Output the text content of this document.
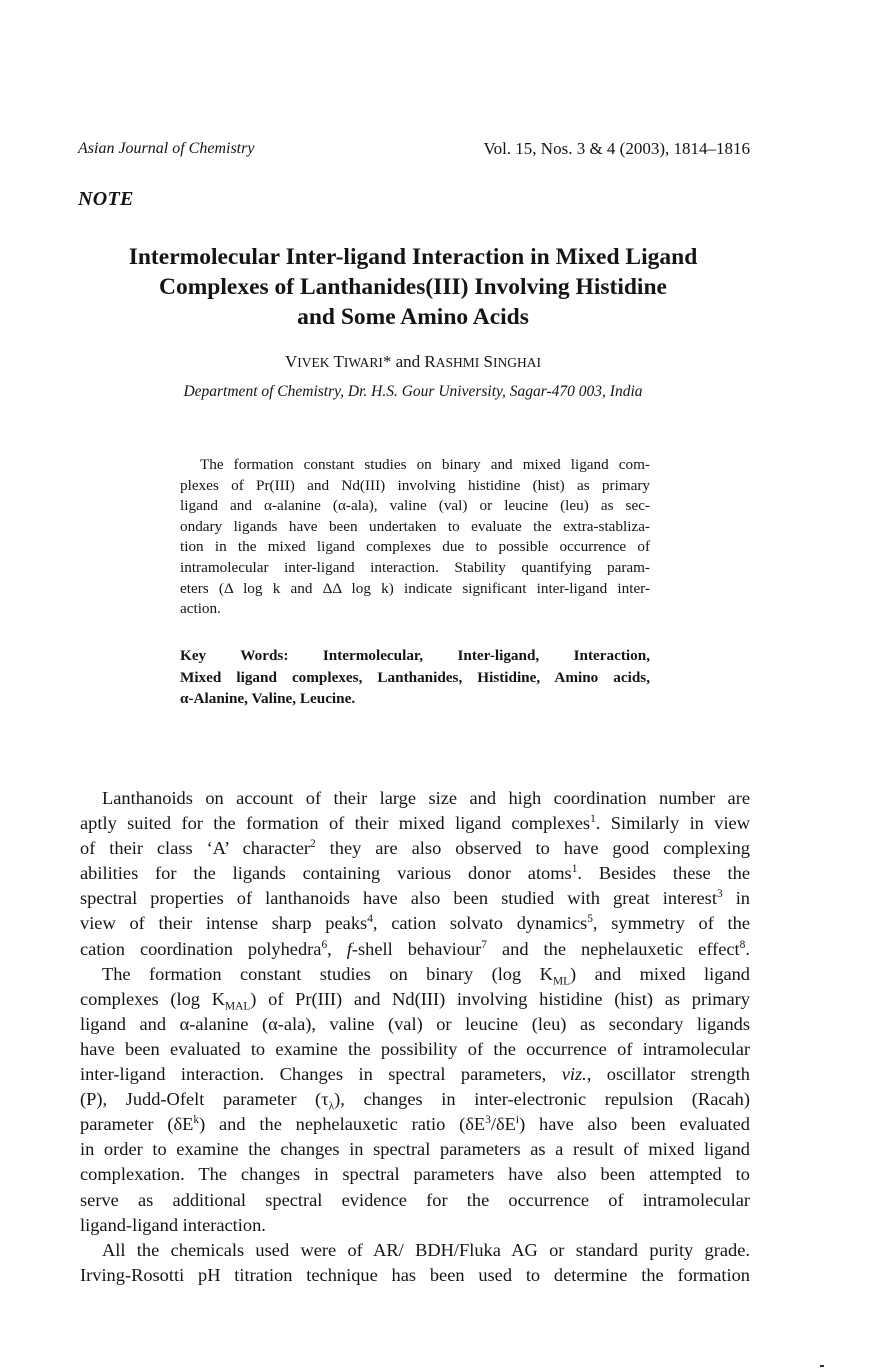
Asian Journal of Chemistry	Vol. 15, Nos. 3 & 4 (2003), 1814–1816
NOTE
Intermolecular Inter-ligand Interaction in Mixed Ligand
Complexes of Lanthanides(III) Involving Histidine
and Some Amino Acids
VIVEK TIWARI* and RASHMI SINGHAI
Department of Chemistry, Dr. H.S. Gour University, Sagar-470 003, India
The formation constant studies on binary and mixed ligand com-
plexes of Pr(III) and Nd(III) involving histidine (hist) as primary
ligand and α-alanine (α-ala), valine (val) or leucine (leu) as sec-
ondary ligands have been undertaken to evaluate the extra-stabliza-
tion in the mixed ligand complexes due to possible occurrence of
intramolecular inter-ligand interaction. Stability quantifying param-
eters (Δ log k and ΔΔ log k) indicate significant inter-ligand inter-
action.
Key Words: Intermolecular, Inter-ligand, Interaction,
Mixed ligand complexes, Lanthanides, Histidine, Amino acids,
α-Alanine, Valine, Leucine.
Lanthanoids on account of their large size and high coordination number are
aptly suited for the formation of their mixed ligand complexes$^1$. Similarly in view
of their class ‘A’ character$^2$ they are also observed to have good complexing
abilities for the ligands containing various donor atoms$^1$. Besides these the
spectral properties of lanthanoids have also been studied with great interest$^3$ in
view of their intense sharp peaks$^4$, cation solvato dynamics$^5$, symmetry of the
cation coordination polyhedra$^6$, f-shell behaviour$^7$ and the nephelauxetic effect$^8$.
The formation constant studies on binary (log $K_{ML}$) and mixed ligand
complexes (log $K_{MAL}$) of Pr(III) and Nd(III) involving histidine (hist) as primary
ligand and α-alanine (α-ala), valine (val) or leucine (leu) as secondary ligands
have been evaluated to examine the possibility of the occurrence of intramolecular
inter-ligand interaction. Changes in spectral parameters, viz., oscillator strength
(P), Judd-Ofelt parameter $(\tau_\lambda)$, changes in inter-electronic repulsion (Racah)
parameter $(\delta E^k)$ and the nephelauxetic ratio $(\delta E^3/\delta E^i)$ have also been evaluated
in order to examine the changes in spectral parameters as a result of mixed ligand
complexation. The changes in spectral parameters have also been attempted to
serve as additional spectral evidence for the occurrence of intramolecular
ligand-ligand interaction.
All the chemicals used were of AR/ BDH/Fluka AG or standard purity grade.
Irving-Rosotti pH titration technique has been used to determine the formation
